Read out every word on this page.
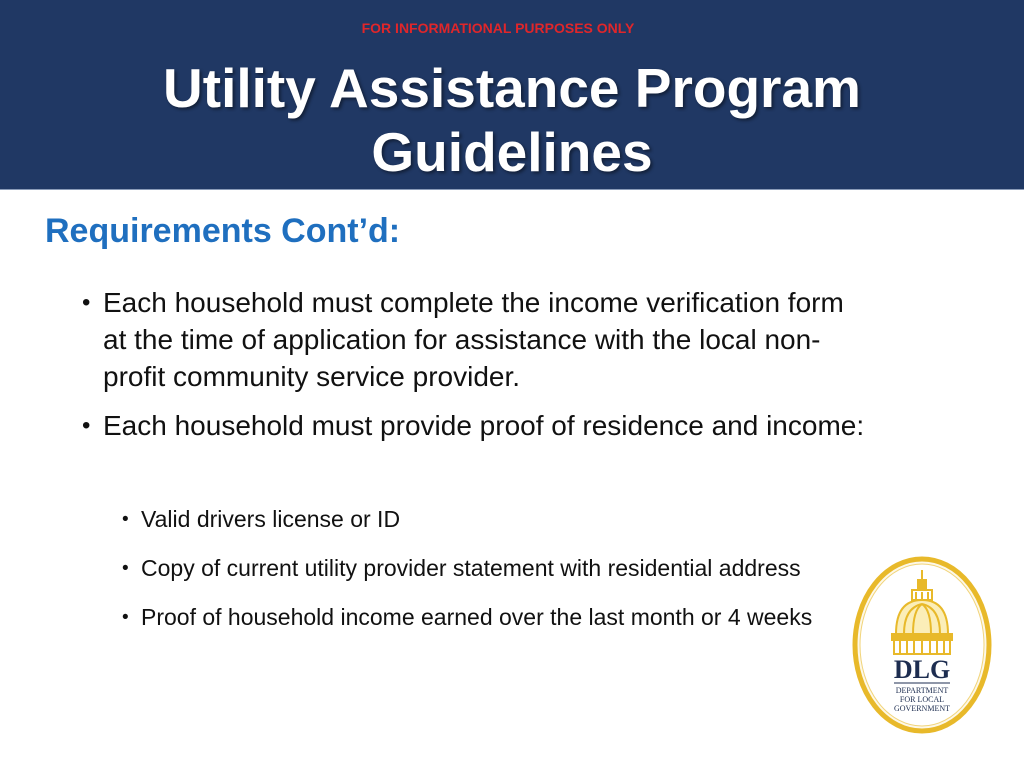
FOR INFORMATIONAL PURPOSES ONLY
Utility Assistance Program
Guidelines
Requirements Cont’d:
• Each household must complete the income verification form at the time of application for assistance with the local non-profit community service provider.
• Each household must provide proof of residence and income:
• Valid drivers license or ID
• Copy of current utility provider statement with residential address
• Proof of household income earned over the last month or 4 weeks
DLG
DEPARTMENT
FOR LOCAL
GOVERNMENT
